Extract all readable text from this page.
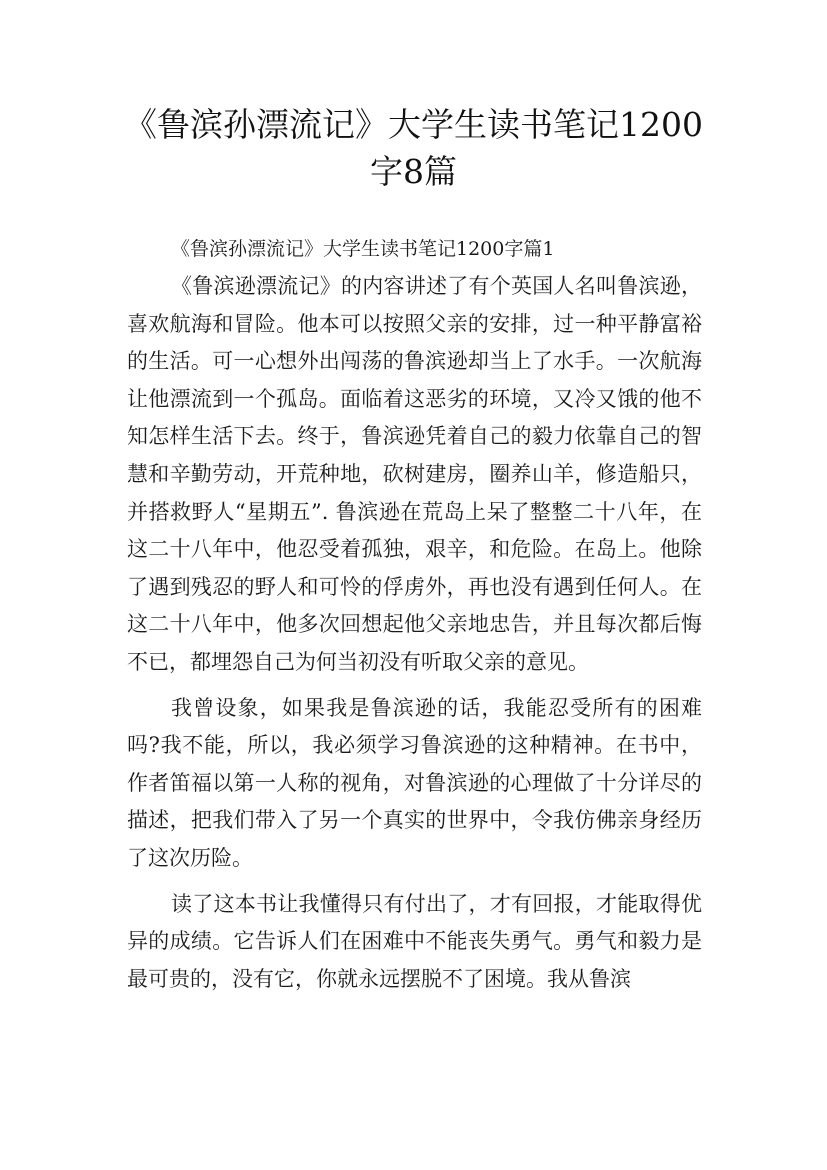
《鲁滨孙漂流记》大学生读书笔记1200字8篇

《鲁滨孙漂流记》大学生读书笔记1200字篇1

《鲁滨逊漂流记》的内容讲述了有个英国人名叫鲁滨逊，喜欢航海和冒险。他本可以按照父亲的安排，过一种平静富裕的生活。可一心想外出闯荡的鲁滨逊却当上了水手。一次航海让他漂流到一个孤岛。面临着这恶劣的环境，又冷又饿的他不知怎样生活下去。终于，鲁滨逊凭着自己的毅力依靠自己的智慧和辛勤劳动，开荒种地，砍树建房，圈养山羊，修造船只，并搭救野人“星期五”. 鲁滨逊在荒岛上呆了整整二十八年，在这二十八年中，他忍受着孤独，艰辛，和危险。在岛上。他除了遇到残忍的野人和可怜的俘虏外，再也没有遇到任何人。在这二十八年中，他多次回想起他父亲地忠告，并且每次都后悔不已，都埋怨自己为何当初没有听取父亲的意见。

我曾设象，如果我是鲁滨逊的话，我能忍受所有的困难吗?我不能，所以，我必须学习鲁滨逊的这种精神。在书中，作者笛福以第一人称的视角，对鲁滨逊的心理做了十分详尽的描述，把我们带入了另一个真实的世界中，令我仿佛亲身经历了这次历险。

读了这本书让我懂得只有付出了，才有回报，才能取得优异的成绩。它告诉人们在困难中不能丧失勇气。勇气和毅力是最可贵的，没有它，你就永远摆脱不了困境。我从鲁滨
